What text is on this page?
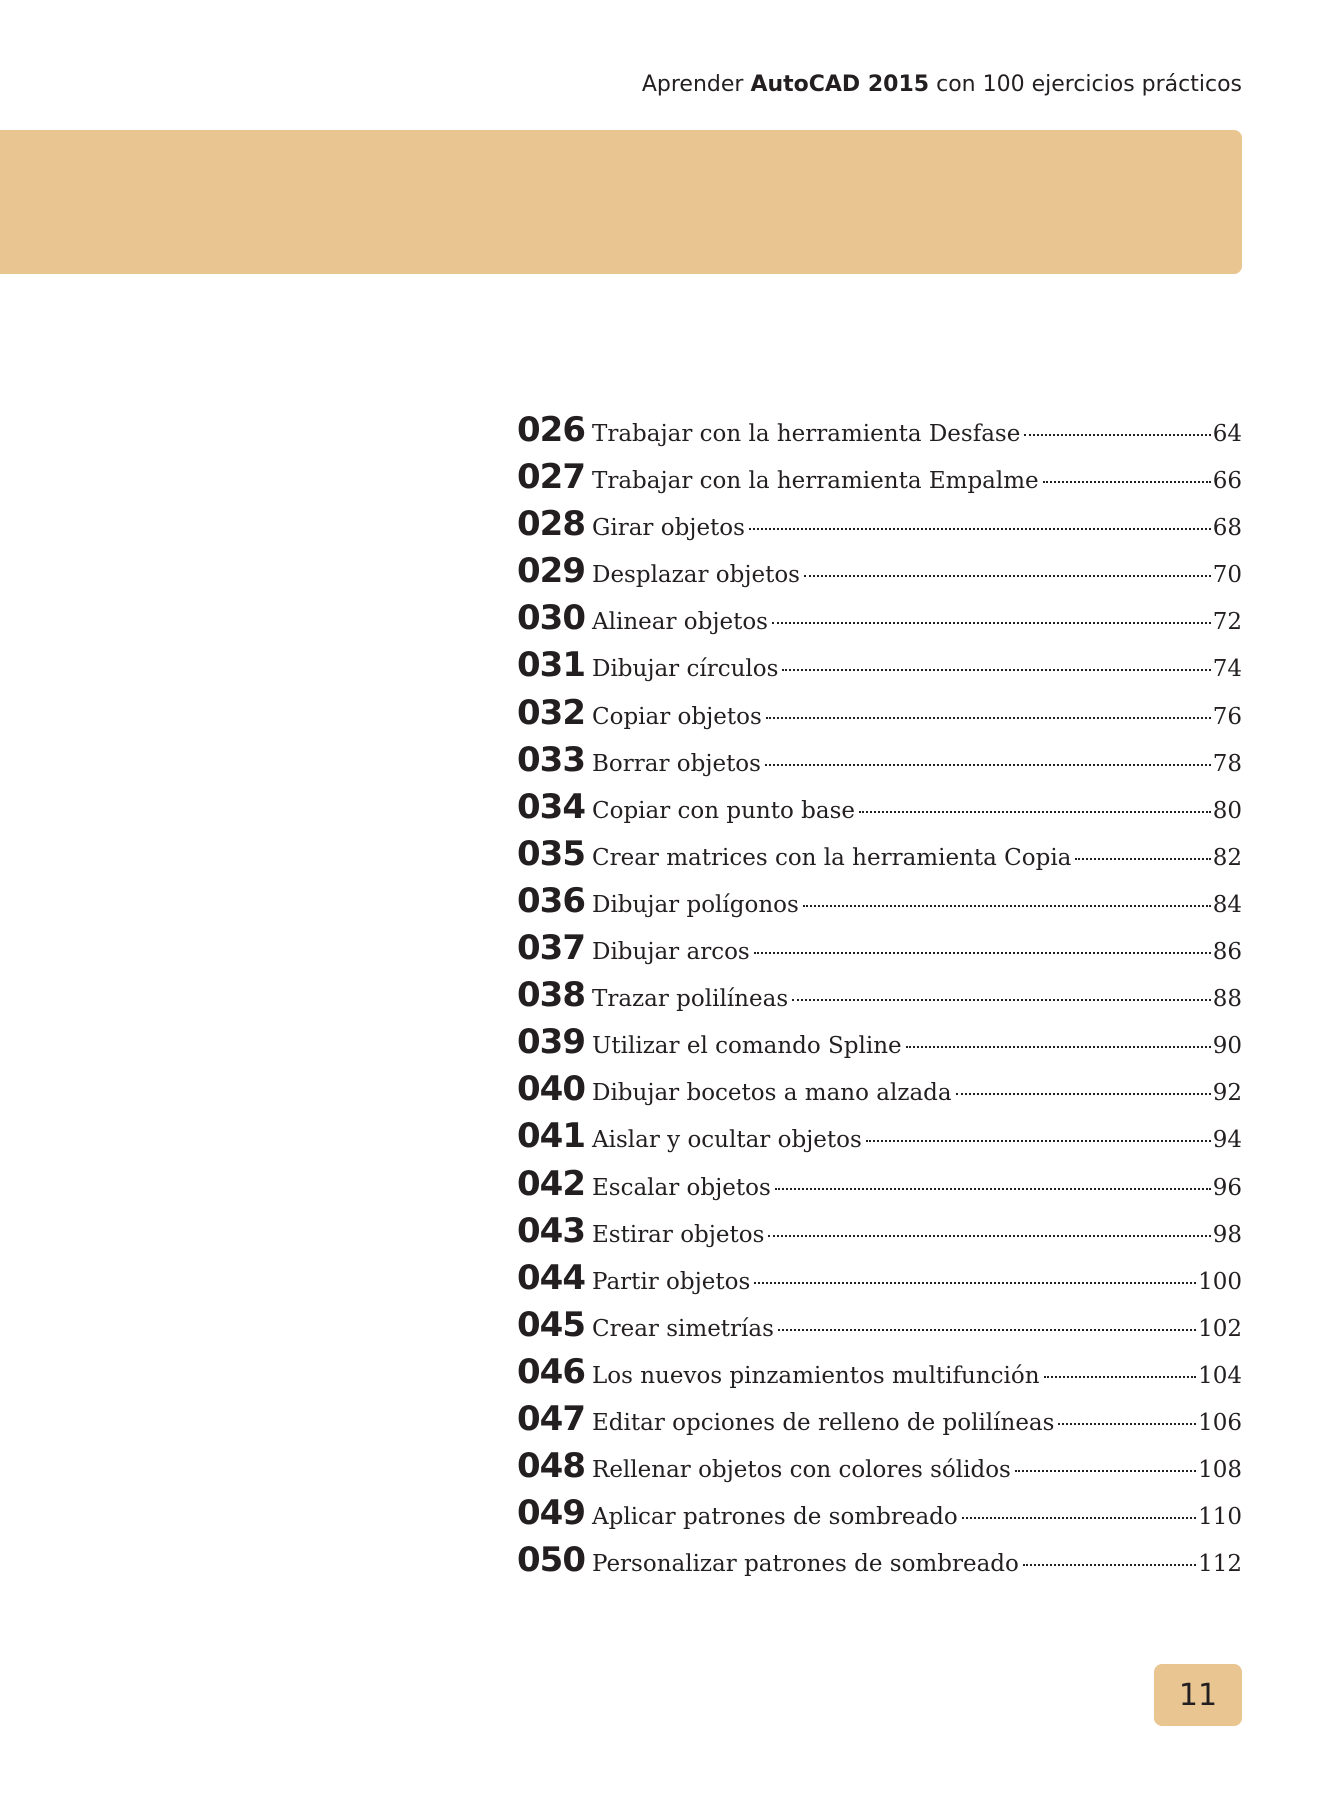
Aprender AutoCAD 2015 con 100 ejercicios prácticos
026 Trabajar con la herramienta Desfase	64
027 Trabajar con la herramienta Empalme	66
028 Girar objetos	68
029 Desplazar objetos	70
030 Alinear objetos	72
031 Dibujar círculos	74
032 Copiar objetos	76
033 Borrar objetos	78
034 Copiar con punto base	80
035 Crear matrices con la herramienta Copia	82
036 Dibujar polígonos	84
037 Dibujar arcos	86
038 Trazar polilíneas	88
039 Utilizar el comando Spline	90
040 Dibujar bocetos a mano alzada	92
041 Aislar y ocultar objetos	94
042 Escalar objetos	96
043 Estirar objetos	98
044 Partir objetos	100
045 Crear simetrías	102
046 Los nuevos pinzamientos multifunción	104
047 Editar opciones de relleno de polilíneas	106
048 Rellenar objetos con colores sólidos	108
049 Aplicar patrones de sombreado	110
050 Personalizar patrones de sombreado	112
11
